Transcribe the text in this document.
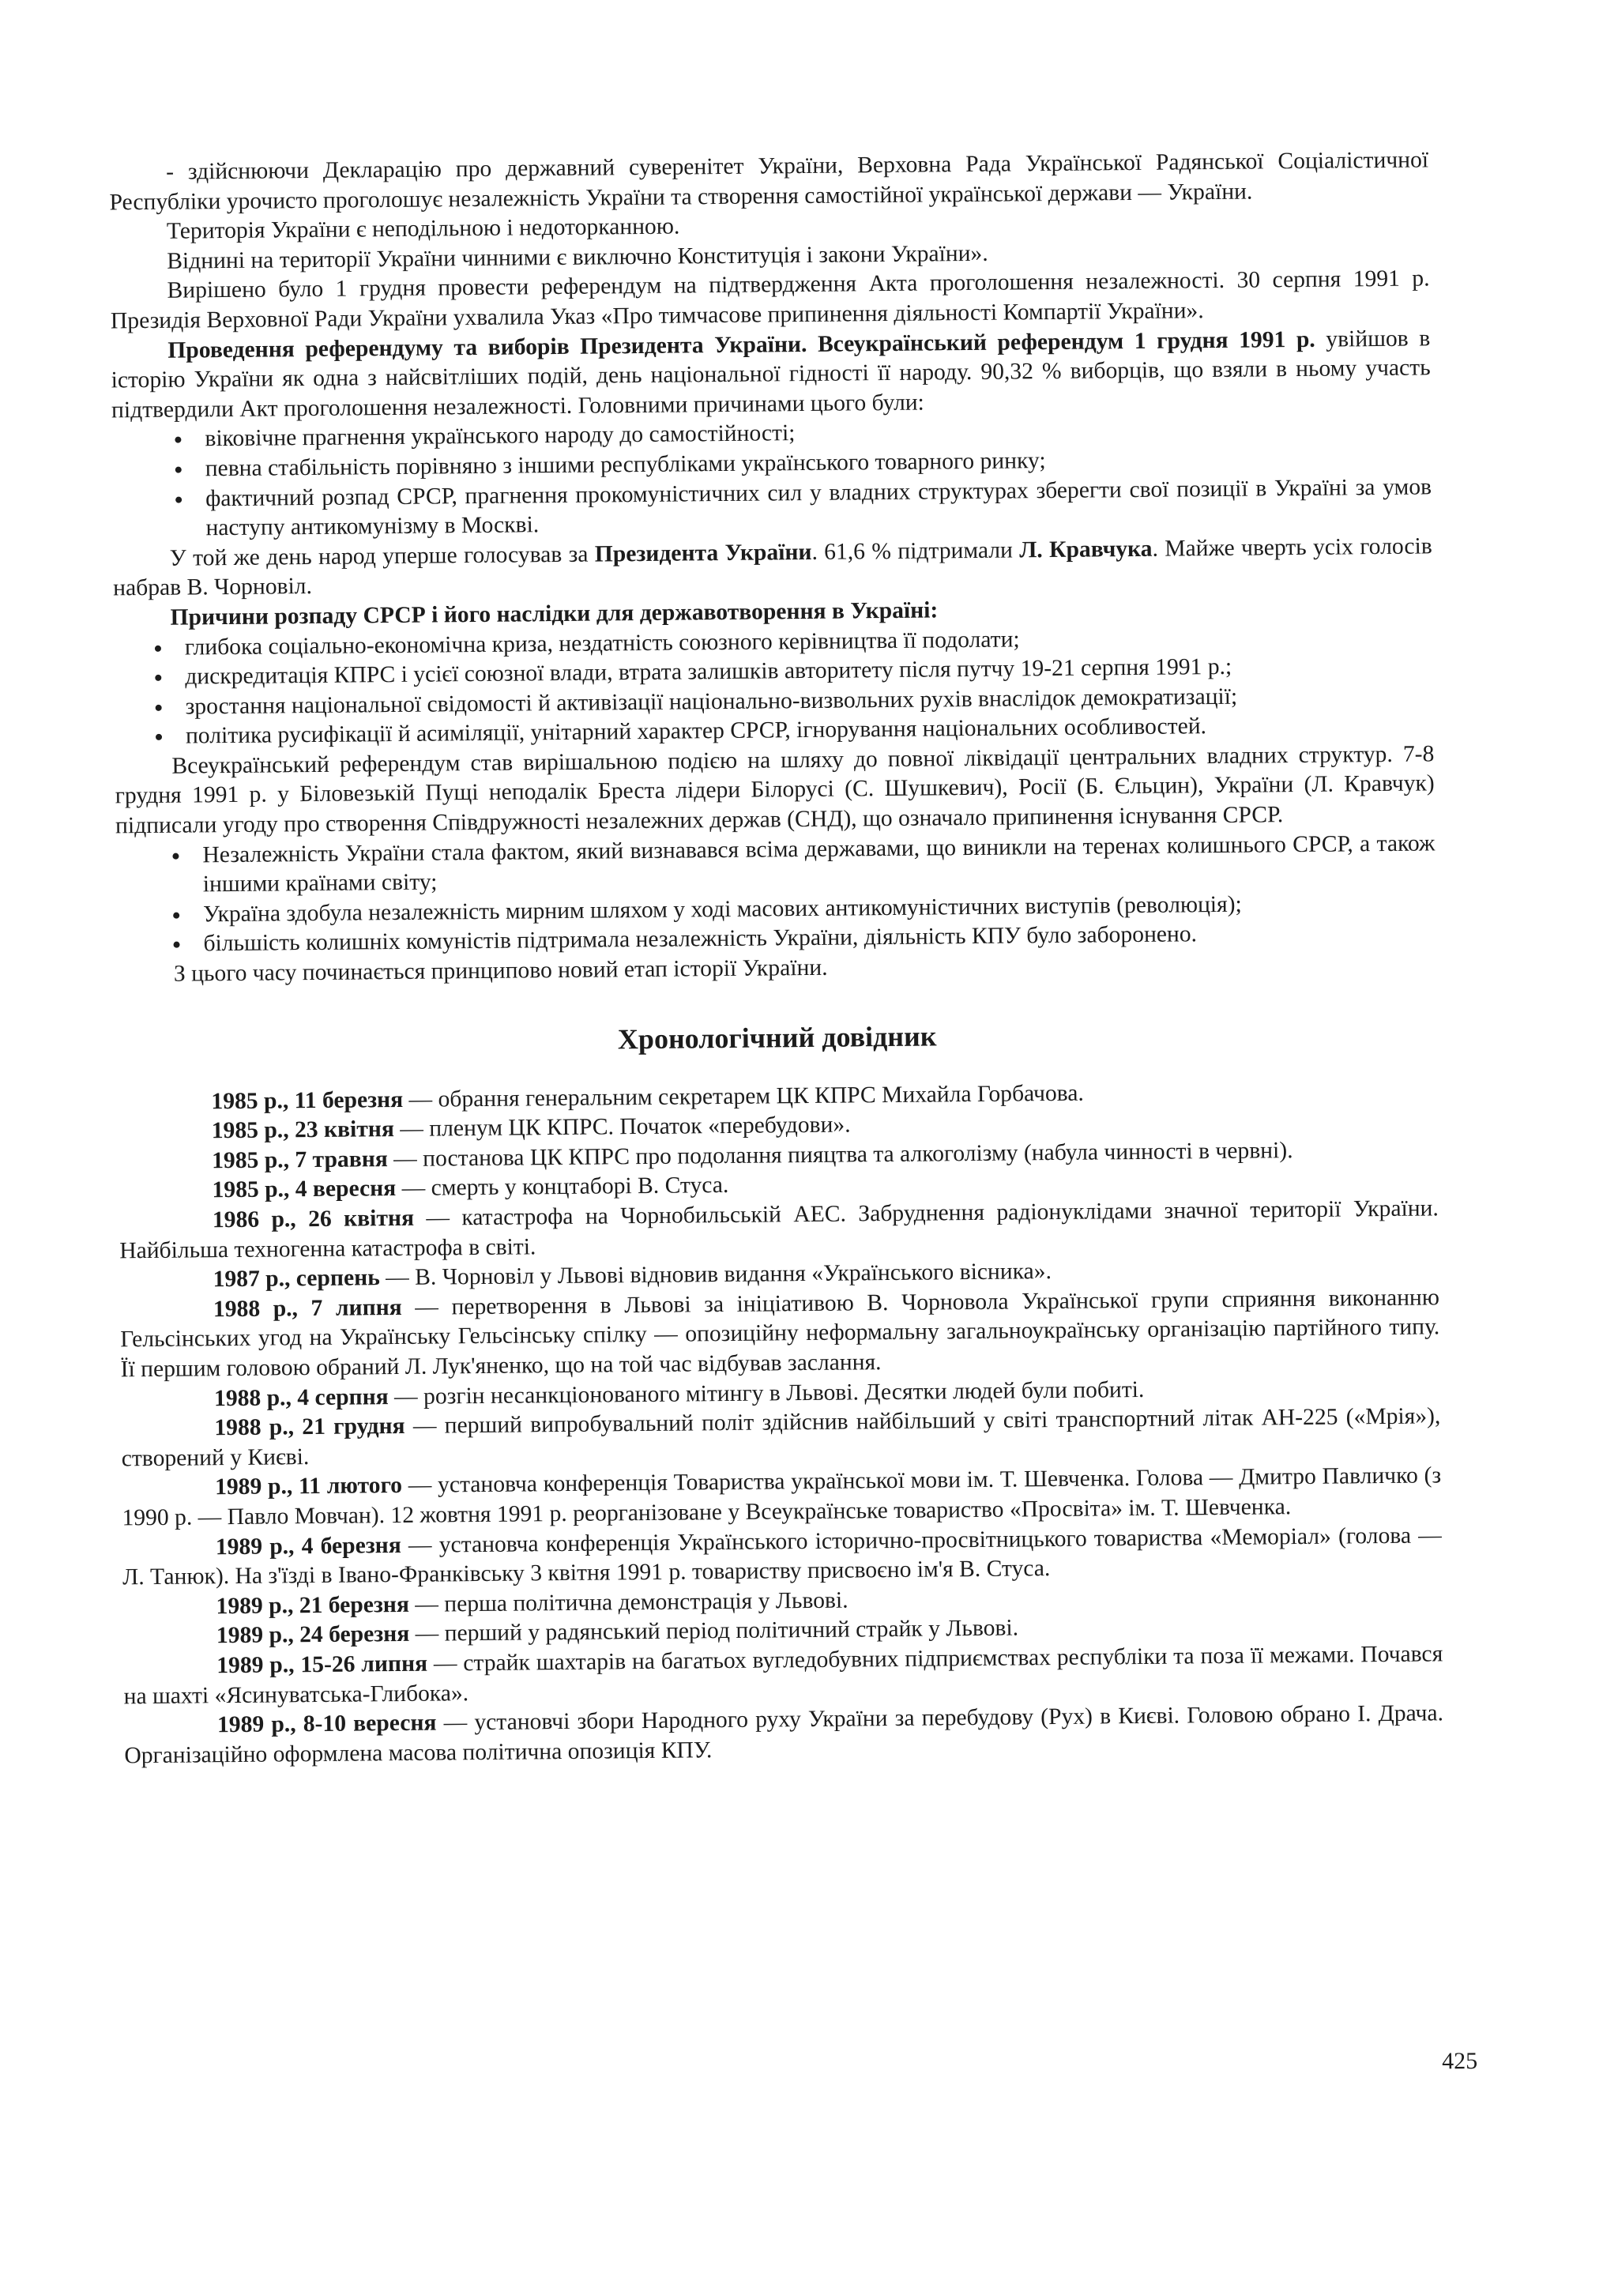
- здійснюючи Декларацію про державний суверенітет України, Верховна Рада Української Радянської Соціалістичної Республіки урочисто проголошує незалежність України та створення самостійної української держави — України.

Територія України є неподільною і недоторканною.

Віднині на території України чинними є виключно Конституція і закони України».

Вирішено було 1 грудня провести референдум на підтвердження Акта проголошення незалежності. 30 серпня 1991 р. Президія Верховної Ради України ухвалила Указ «Про тимчасове припинення діяльності Компартії України».

Проведення референдуму та виборів Президента України. Всеукраїнський референдум 1 грудня 1991 р. увійшов в історію України як одна з найсвітліших подій, день національної гідності її народу. 90,32 % виборців, що взяли в ньому участь підтвердили Акт проголошення незалежності. Головними причинами цього були:

віковічне прагнення українського народу до самостійності;
певна стабільність порівняно з іншими республіками українського товарного ринку;
фактичний розпад СРСР, прагнення прокомуністичних сил у владних структурах зберегти свої позиції в Україні за умов наступу антикомунізму в Москві.

У той же день народ уперше голосував за Президента України. 61,6 % підтримали Л. Кравчука. Майже чверть усіх голосів набрав В. Чорновіл.

Причини розпаду СРСР і його наслідки для державотворення в Україні:

глибока соціально-економічна криза, нездатність союзного керівництва її подолати;
дискредитація КПРС і усієї союзної влади, втрата залишків авторитету після путчу 19-21 серпня 1991 р.;
зростання національної свідомості й активізації національно-визвольних рухів внаслідок демократизації;
політика русифікації й асиміляції, унітарний характер СРСР, ігнорування національних особливостей.

Всеукраїнський референдум став вирішальною подією на шляху до повної ліквідації центральних владних структур. 7-8 грудня 1991 р. у Біловезькій Пущі неподалік Бреста лідери Білорусі (С. Шушкевич), Росії (Б. Єльцин), України (Л. Кравчук) підписали угоду про створення Співдружності незалежних держав (СНД), що означало припинення існування СРСР.

Незалежність України стала фактом, який визнавався всіма державами, що виникли на теренах колишнього СРСР, а також іншими країнами світу;
Україна здобула незалежність мирним шляхом у ході масових антикомуністичних виступів (революція);
більшість колишніх комуністів підтримала незалежність України, діяльність КПУ було заборонено.

З цього часу починається принципово новий етап історії України.

Хронологічний довідник

1985 р., 11 березня — обрання генеральним секретарем ЦК КПРС Михайла Горбачова.

1985 р., 23 квітня — пленум ЦК КПРС. Початок «перебудови».

1985 р., 7 травня — постанова ЦК КПРС про подолання пияцтва та алкоголізму (набула чинності в червні).

1985 р., 4 вересня — смерть у концтаборі В. Стуса.

1986 р., 26 квітня — катастрофа на Чорнобильській АЕС. Забруднення радіонуклідами значної території України. Найбільша техногенна катастрофа в світі.

1987 р., серпень — В. Чорновіл у Львові відновив видання «Українського вісника».

1988 р., 7 липня — перетворення в Львові за ініціативою В. Чорновола Української групи сприяння виконанню Гельсінських угод на Українську Гельсінську спілку — опозиційну неформальну загальноукраїнську організацію партійного типу. Її першим головою обраний Л. Лук'яненко, що на той час відбував заслання.

1988 р., 4 серпня — розгін несанкціонованого мітингу в Львові. Десятки людей були побиті.

1988 р., 21 грудня — перший випробувальний політ здійснив найбільший у світі транспортний літак АН-225 («Мрія»), створений у Києві.

1989 р., 11 лютого — установча конференція Товариства української мови ім. Т. Шевченка. Голова — Дмитро Павличко (з 1990 р. — Павло Мовчан). 12 жовтня 1991 р. реорганізоване у Всеукраїнське товариство «Просвіта» ім. Т. Шевченка.

1989 р., 4 березня — установча конференція Українського історично-просвітницького товариства «Меморіал» (голова — Л. Танюк). На з'їзді в Івано-Франківську 3 квітня 1991 р. товариству присвоєно ім'я В. Стуса.

1989 р., 21 березня — перша політична демонстрація у Львові.

1989 р., 24 березня — перший у радянський період політичний страйк у Львові.

1989 р., 15-26 липня — страйк шахтарів на багатьох вугледобувних підприємствах республіки та поза її межами. Почався на шахті «Ясинуватська-Глибока».

1989 р., 8-10 вересня — установчі збори Народного руху України за перебудову (Рух) в Києві. Головою обрано І. Драча. Організаційно оформлена масова політична опозиція КПУ.

425
